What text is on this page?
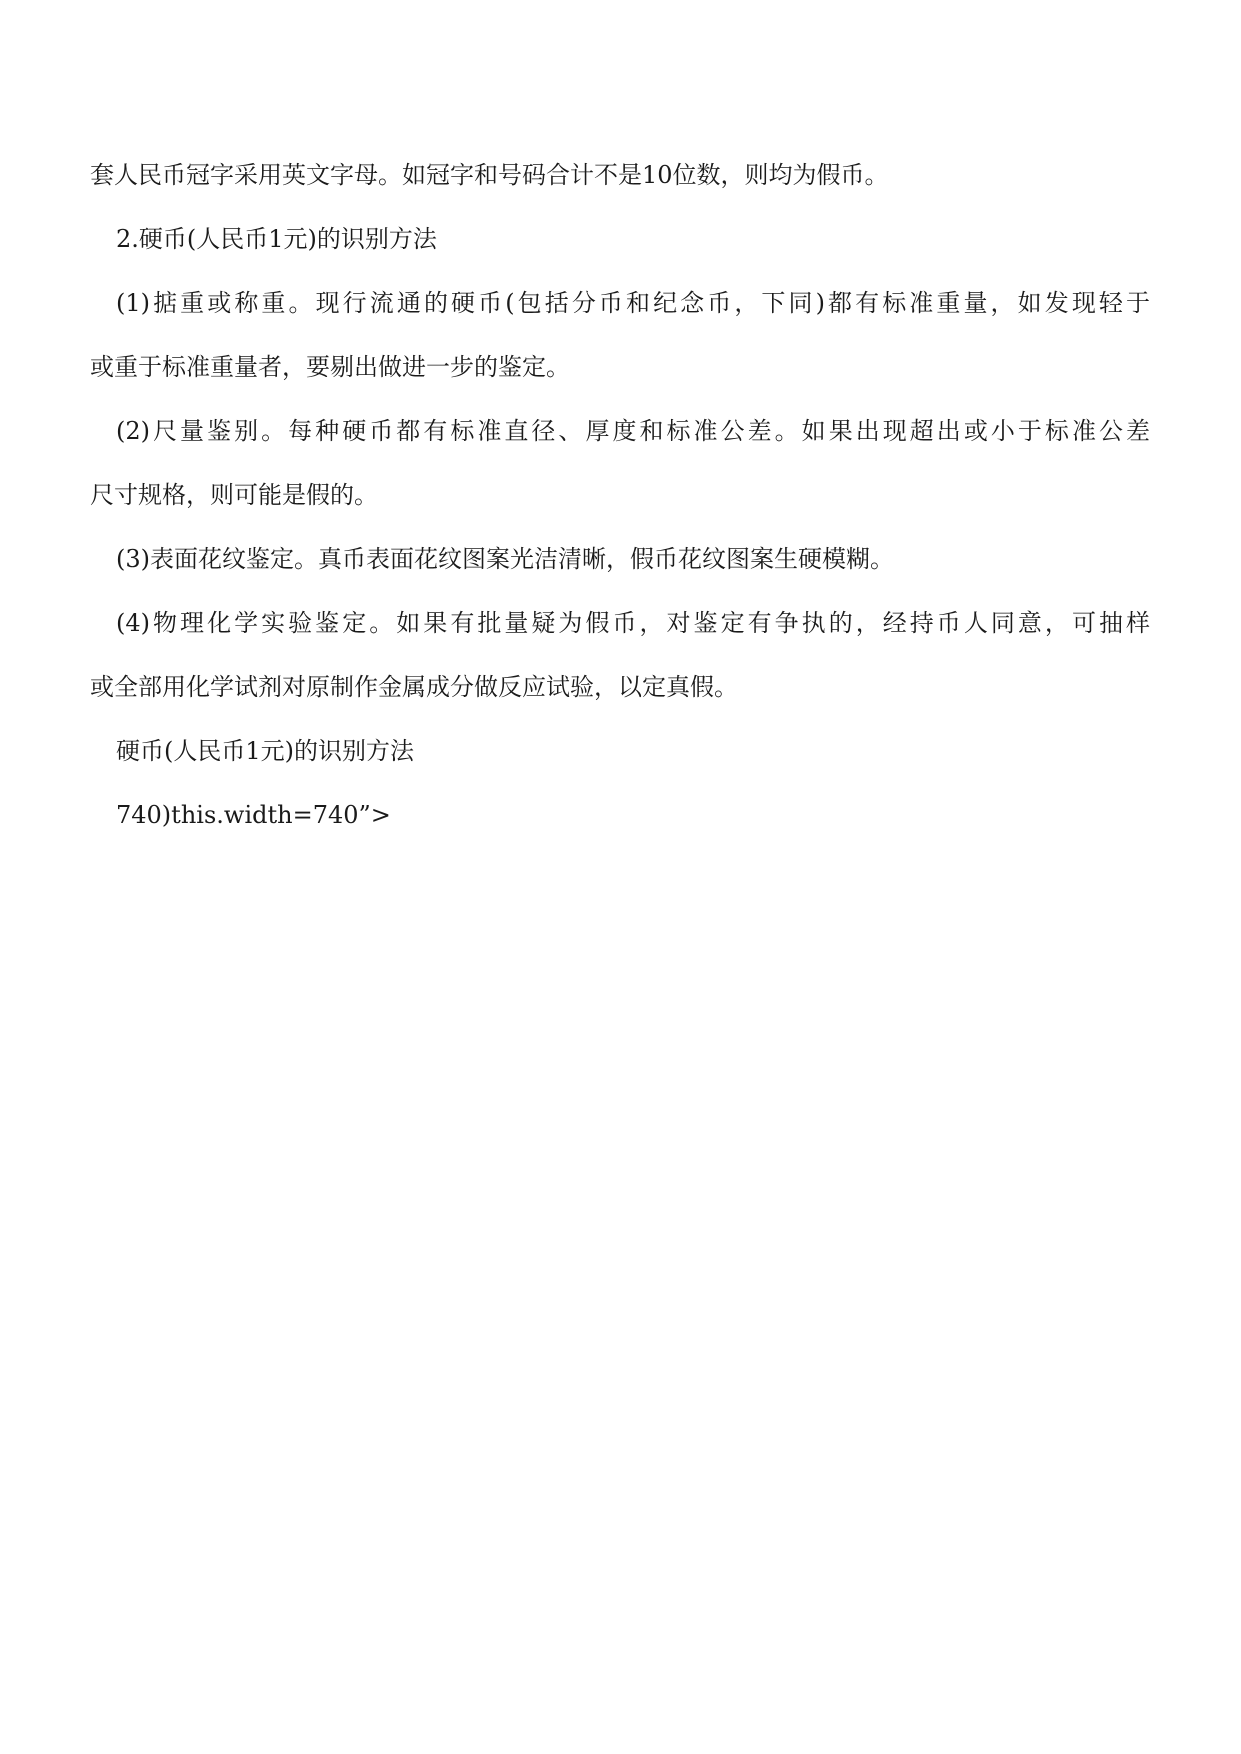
套人民币冠字采用英文字母。如冠字和号码合计不是10位数，则均为假币。
2.硬币(人民币1元)的识别方法
(1)掂重或称重。现行流通的硬币(包括分币和纪念币，下同)都有标准重量，如发现轻于
或重于标准重量者，要剔出做进一步的鉴定。
(2)尺量鉴别。每种硬币都有标准直径、厚度和标准公差。如果出现超出或小于标准公差
尺寸规格，则可能是假的。
(3)表面花纹鉴定。真币表面花纹图案光洁清晰，假币花纹图案生硬模糊。
(4)物理化学实验鉴定。如果有批量疑为假币，对鉴定有争执的，经持币人同意，可抽样
或全部用化学试剂对原制作金属成分做反应试验，以定真假。
硬币(人民币1元)的识别方法
740)this.width=740”>
